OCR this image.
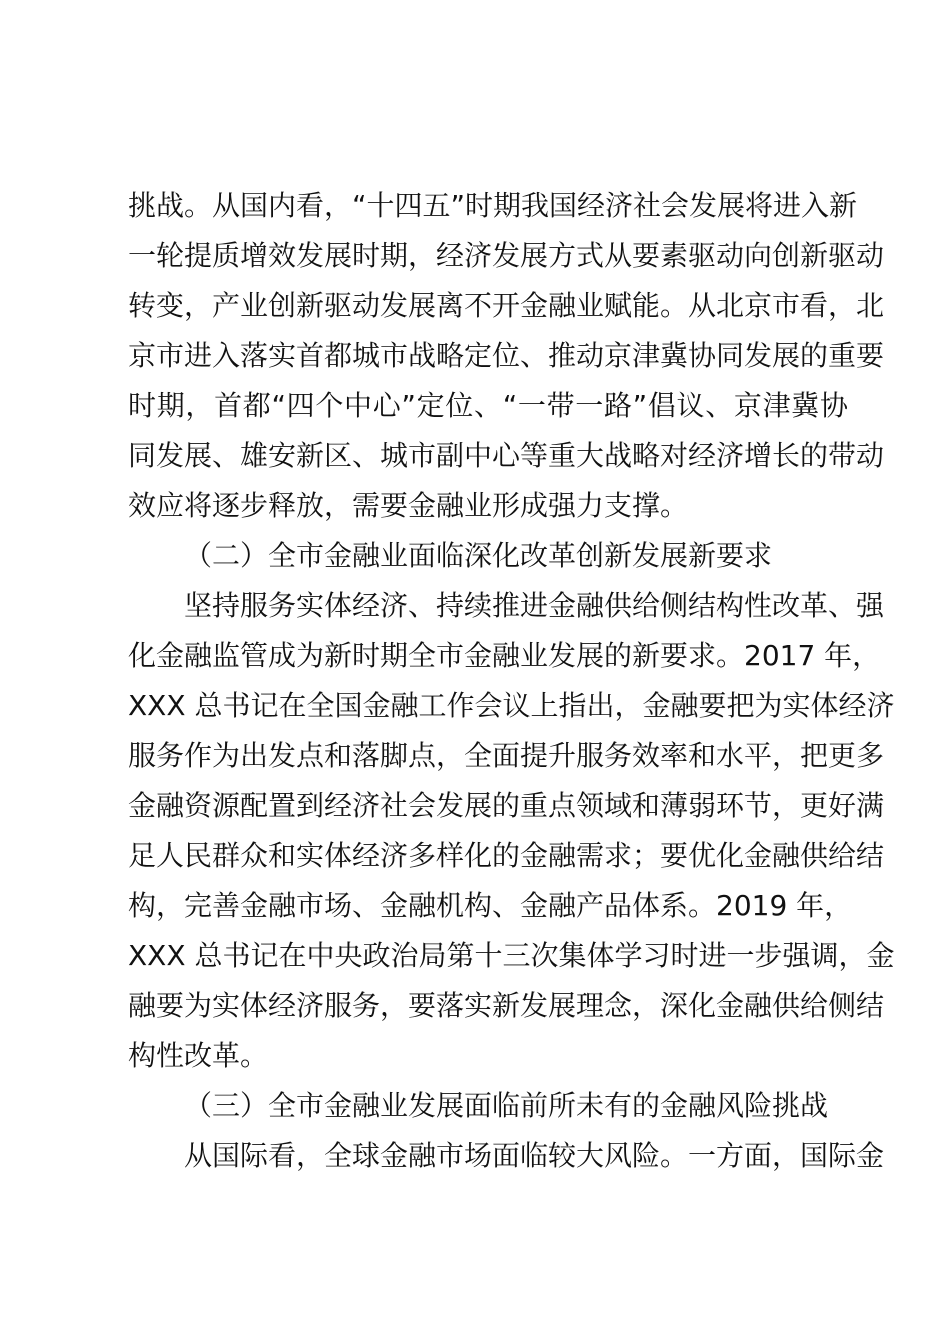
挑战。从国内看，“十四五”时期我国经济社会发展将进入新
一轮提质增效发展时期，经济发展方式从要素驱动向创新驱动
转变，产业创新驱动发展离不开金融业赋能。从北京市看，北
京市进入落实首都城市战略定位、推动京津冀协同发展的重要
时期，首都“四个中心”定位、“一带一路”倡议、京津冀协
同发展、雄安新区、城市副中心等重大战略对经济增长的带动
效应将逐步释放，需要金融业形成强力支撑。

（二）全市金融业面临深化改革创新发展新要求

坚持服务实体经济、持续推进金融供给侧结构性改革、强
化金融监管成为新时期全市金融业发展的新要求。2017 年，
XXX 总书记在全国金融工作会议上指出，金融要把为实体经济
服务作为出发点和落脚点，全面提升服务效率和水平，把更多
金融资源配置到经济社会发展的重点领域和薄弱环节，更好满
足人民群众和实体经济多样化的金融需求；要优化金融供给结
构，完善金融市场、金融机构、金融产品体系。2019 年，
XXX 总书记在中央政治局第十三次集体学习时进一步强调，金
融要为实体经济服务，要落实新发展理念，深化金融供给侧结
构性改革。

（三）全市金融业发展面临前所未有的金融风险挑战

从国际看，全球金融市场面临较大风险。一方面，国际金
